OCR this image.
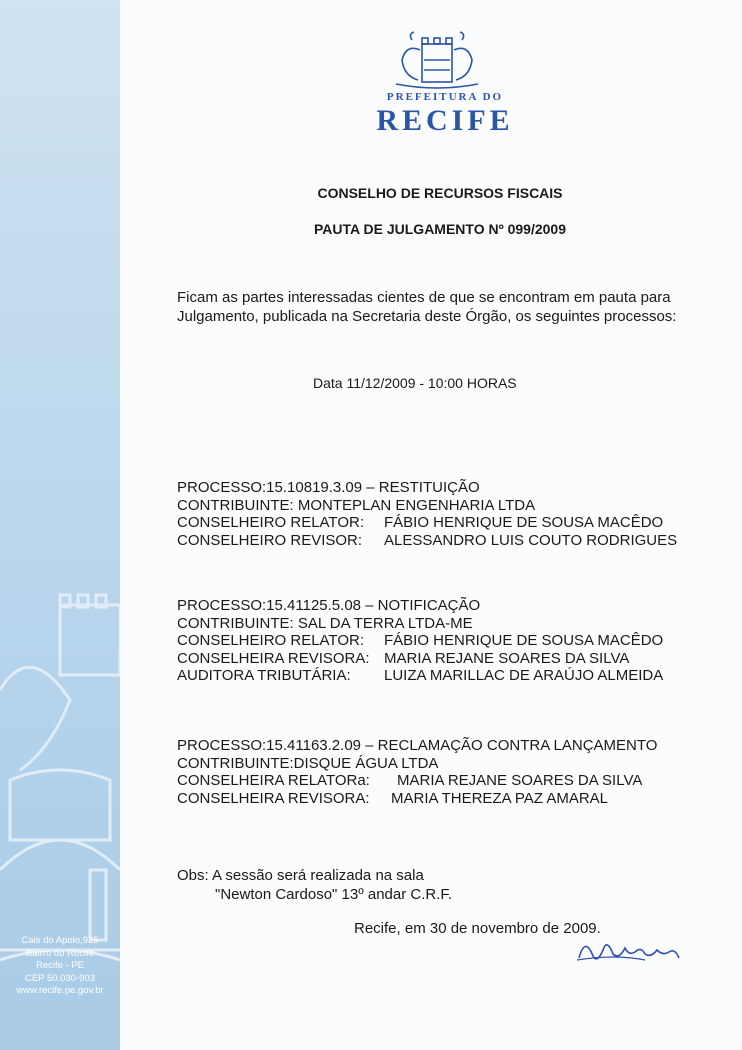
Cais do Apolo,925
Bairro do Recife
Recife - PE
CEP 50.030-903
www.recife.pe.gov.br
PREFEITURA DO
RECIFE
CONSELHO DE RECURSOS FISCAIS
PAUTA DE JULGAMENTO Nº 099/2009
Ficam as partes interessadas cientes de que se encontram em pauta para
Julgamento, publicada na Secretaria deste Órgão, os seguintes processos:
Data 11/12/2009 - 10:00 HORAS
PROCESSO:15.10819.3.09 – RESTITUIÇÃO
CONTRIBUINTE: MONTEPLAN ENGENHARIA LTDA
CONSELHEIRO RELATOR: FÁBIO HENRIQUE DE SOUSA MACÊDO
CONSELHEIRO REVISOR: ALESSANDRO LUIS COUTO RODRIGUES
PROCESSO:15.41125.5.08 – NOTIFICAÇÃO
CONTRIBUINTE: SAL DA TERRA LTDA-ME
CONSELHEIRO RELATOR: FÁBIO HENRIQUE DE SOUSA MACÊDO
CONSELHEIRA REVISORA: MARIA REJANE SOARES DA SILVA
AUDITORA TRIBUTÁRIA: LUIZA MARILLAC DE ARAÚJO ALMEIDA
PROCESSO:15.41163.2.09 – RECLAMAÇÃO CONTRA LANÇAMENTO
CONTRIBUINTE:DISQUE ÁGUA LTDA
CONSELHEIRA RELATORa: MARIA REJANE SOARES DA SILVA
CONSELHEIRA REVISORA: MARIA THEREZA PAZ AMARAL
Obs: A sessão será realizada na sala
"Newton Cardoso" 13º andar C.R.F.
Recife, em 30 de novembro de 2009.
